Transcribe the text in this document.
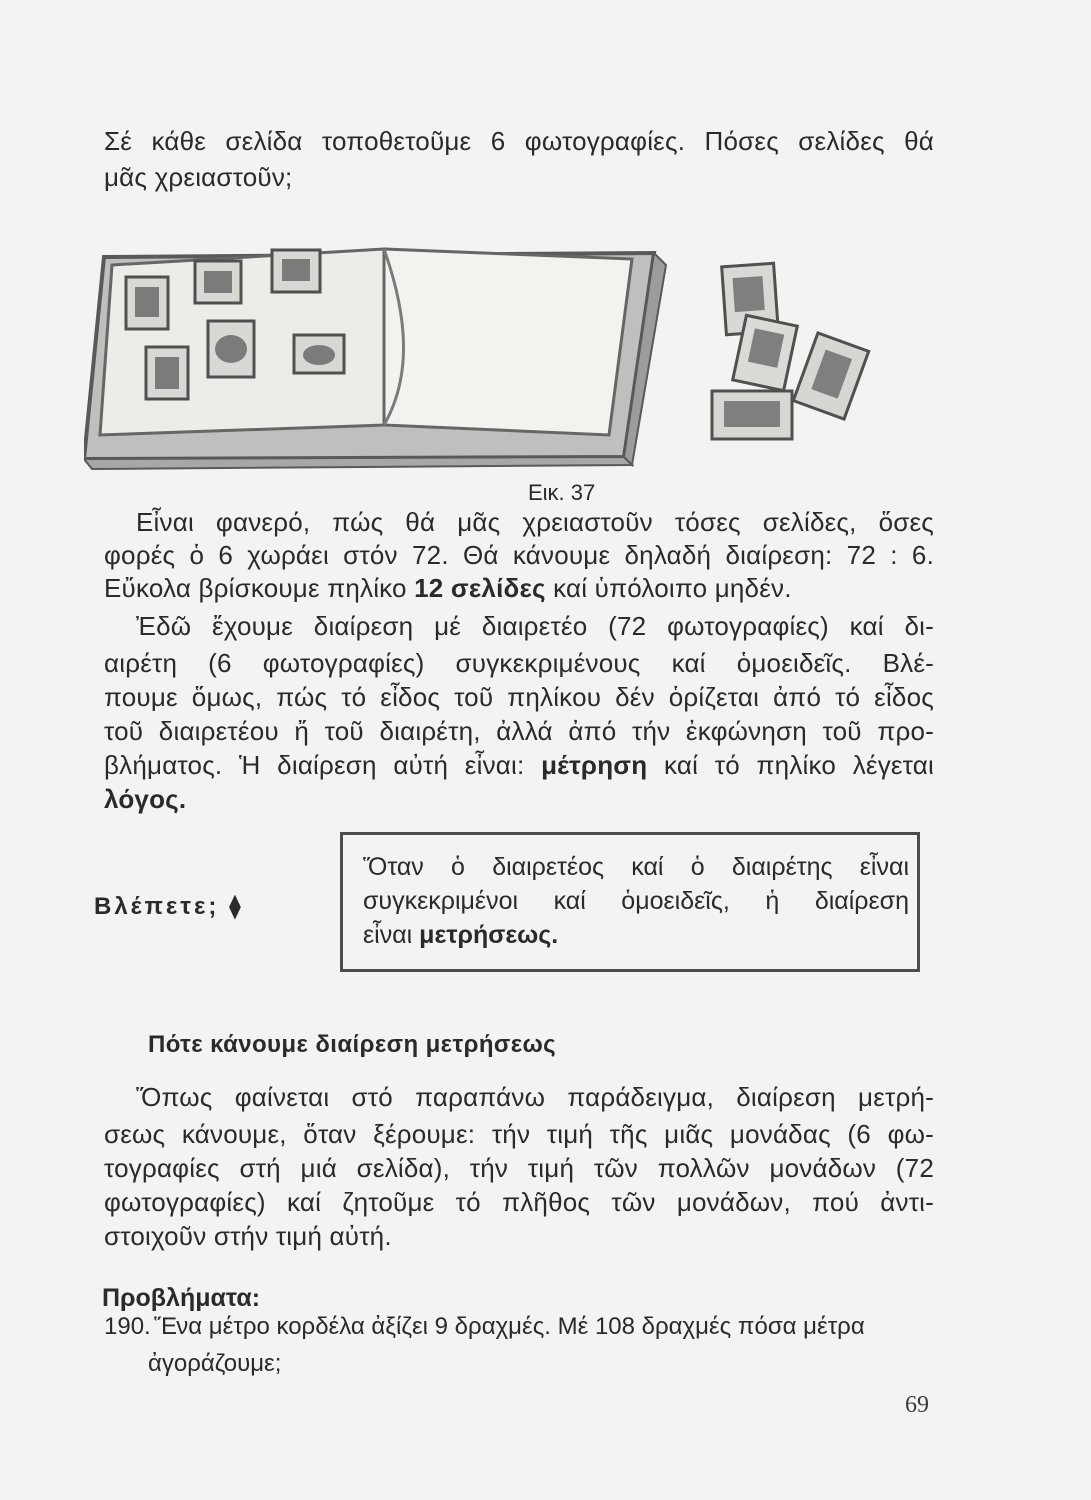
Σέ κάθε σελίδα τοποθετοῦμε 6 φωτογραφίες. Πόσες σελίδες θά
μᾶς χρειαστοῦν;
Εικ. 37
Εἶναι φανερό, πώς θά μᾶς χρειαστοῦν τόσες σελίδες, ὅσες
φορές ὁ 6 χωράει στόν 72. Θά κάνουμε δηλαδή διαίρεση: 72 : 6.
Εὔκολα βρίσκουμε πηλίκο 12 σελίδες καί ὑπόλοιπο μηδέν.
Ἐδῶ ἔχουμε διαίρεση μέ διαιρετέο (72 φωτογραφίες) καί δι-
αιρέτη (6 φωτογραφίες) συγκεκριμένους καί ὁμοειδεῖς. Βλέ-
πουμε ὅμως, πώς τό εἶδος τοῦ πηλίκου δέν ὁρίζεται ἀπό τό εἶδος
τοῦ διαιρετέου ἤ τοῦ διαιρέτη, ἀλλά ἀπό τήν ἐκφώνηση τοῦ προ-
βλήματος. Ἡ διαίρεση αὐτή εἶναι: μέτρηση καί τό πηλίκο λέγεται
λόγος.
Βλέπετε; ⧫
Ὅταν ὁ διαιρετέος καί ὁ διαιρέτης εἶναι
συγκεκριμένοι καί ὁμοειδεῖς, ἡ διαίρεση
εἶναι μετρήσεως.
Πότε κάνουμε διαίρεση μετρήσεως
Ὅπως φαίνεται στό παραπάνω παράδειγμα, διαίρεση μετρή-
σεως κάνουμε, ὅταν ξέρουμε: τήν τιμή τῆς μιᾶς μονάδας (6 φω-
τογραφίες στή μιά σελίδα), τήν τιμή τῶν πολλῶν μονάδων (72
φωτογραφίες) καί ζητοῦμε τό πλῆθος τῶν μονάδων, πού ἀντι-
στοιχοῦν στήν τιμή αὐτή.
Προβλήματα:
190. Ἕνα μέτρο κορδέλα ἀξίζει 9 δραχμές. Μέ 108 δραχμές πόσα μέτρα
ἀγοράζουμε;
69
